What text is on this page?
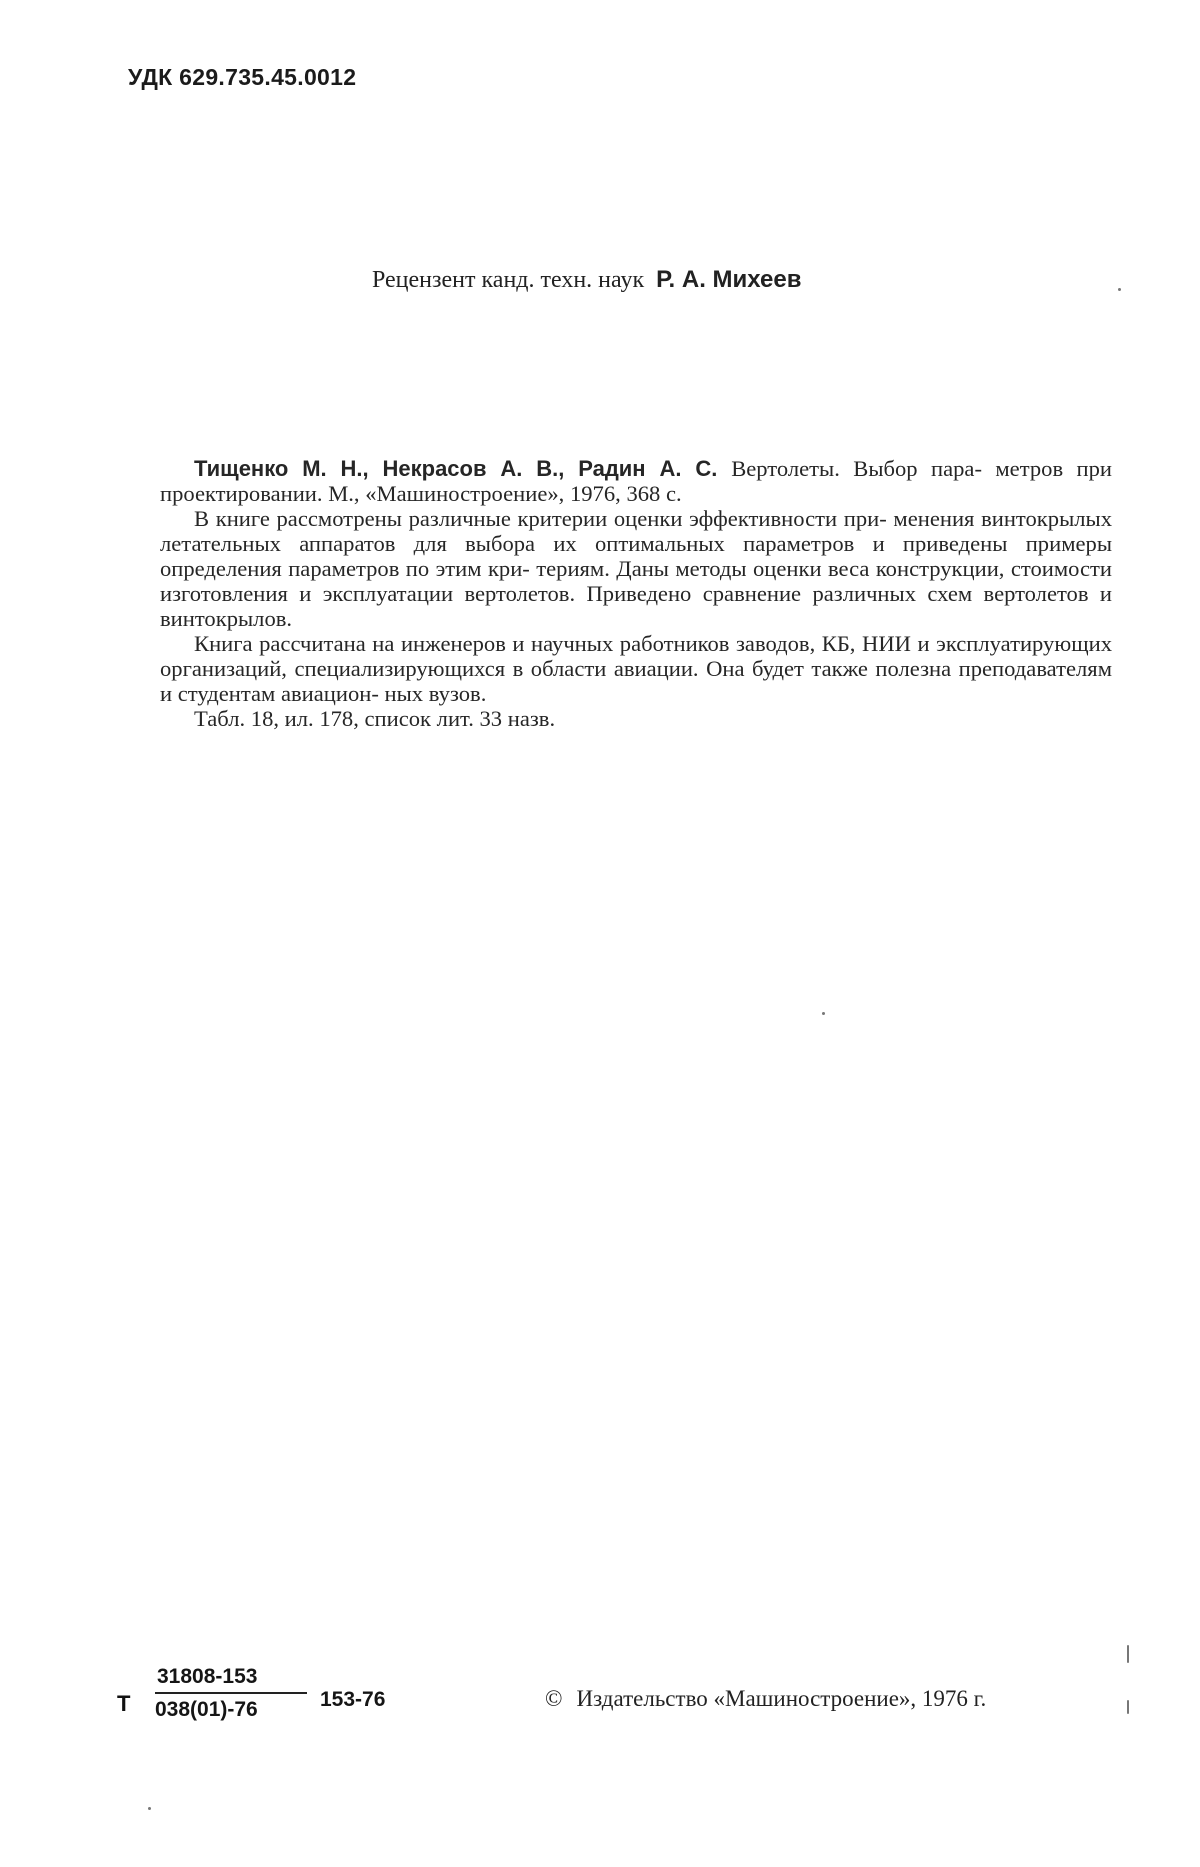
УДК 629.735.45.0012
Рецензент канд. техн. наук Р. А. Михеев

Тищенко М. Н., Некрасов А. В., Радин А. С. Вертолеты. Выбор пара- метров при проектировании. М., «Машиностроение», 1976, 368 с.

В книге рассмотрены различные критерии оценки эффективности при- менения винтокрылых летательных аппаратов для выбора их оптимальных параметров и приведены примеры определения параметров по этим кри- териям. Даны методы оценки веса конструкции, стоимости изготовления и эксплуатации вертолетов. Приведено сравнение различных схем вертолетов и винтокрылов.

Книга рассчитана на инженеров и научных работников заводов, КБ, НИИ и эксплуатирующих организаций, специализирующихся в области авиации. Она будет также полезна преподавателям и студентам авиацион- ных вузов.

Табл. 18, ил. 178, список лит. 33 назв.

Т
31808-153
038(01)-76	153-76	© Издательство «Машиностроение», 1976 г.
